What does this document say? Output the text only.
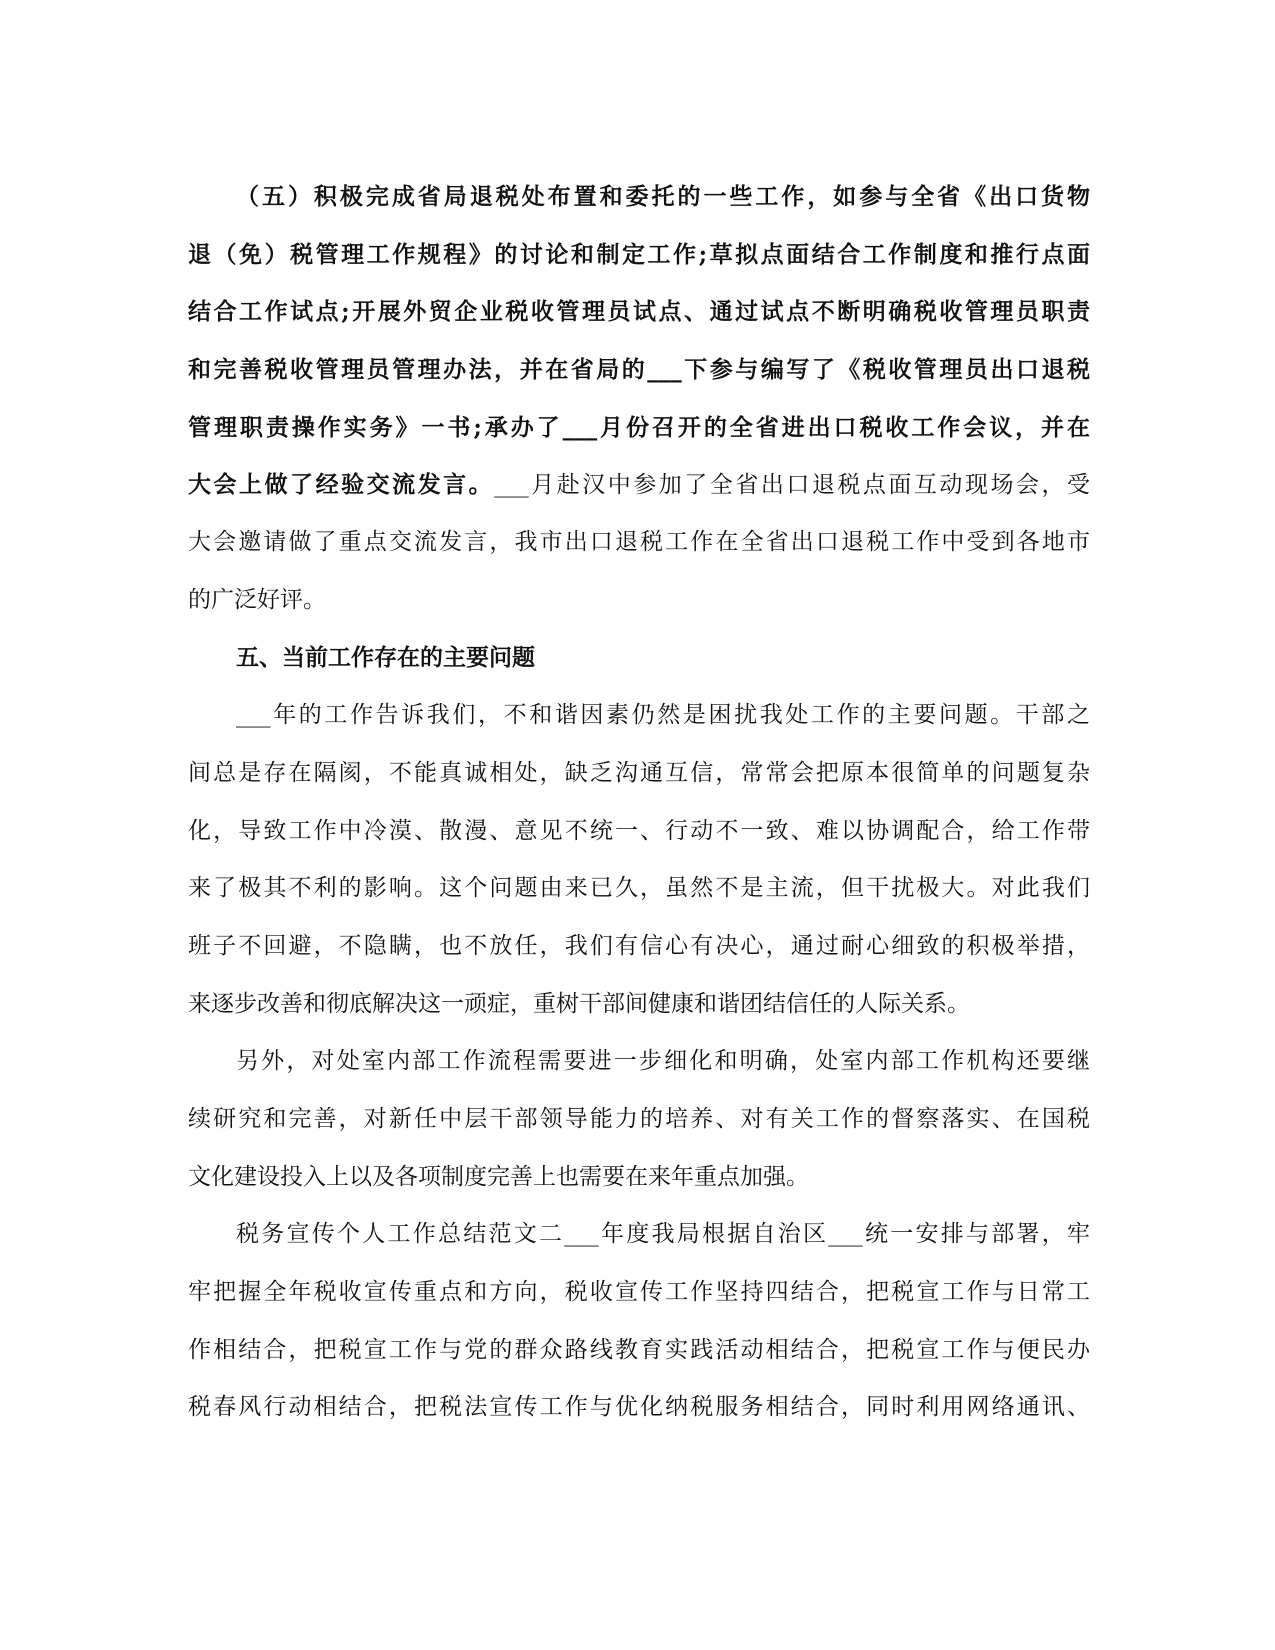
（五）积极完成省局退税处布置和委托的一些工作，如参与全省《出口货物
退（免）税管理工作规程》的讨论和制定工作;草拟点面结合工作制度和推行点面
结合工作试点;开展外贸企业税收管理员试点、通过试点不断明确税收管理员职责
和完善税收管理员管理办法，并在省局的___下参与编写了《税收管理员出口退税
管理职责操作实务》一书;承办了___月份召开的全省进出口税收工作会议，并在
大会上做了经验交流发言。___月赴汉中参加了全省出口退税点面互动现场会，受
大会邀请做了重点交流发言，我市出口退税工作在全省出口退税工作中受到各地市
的广泛好评。
五、当前工作存在的主要问题
___年的工作告诉我们，不和谐因素仍然是困扰我处工作的主要问题。干部之
间总是存在隔阂，不能真诚相处，缺乏沟通互信，常常会把原本很简单的问题复杂
化，导致工作中冷漠、散漫、意见不统一、行动不一致、难以协调配合，给工作带
来了极其不利的影响。这个问题由来已久，虽然不是主流，但干扰极大。对此我们
班子不回避，不隐瞒，也不放任，我们有信心有决心，通过耐心细致的积极举措，
来逐步改善和彻底解决这一顽症，重树干部间健康和谐团结信任的人际关系。
另外，对处室内部工作流程需要进一步细化和明确，处室内部工作机构还要继
续研究和完善，对新任中层干部领导能力的培养、对有关工作的督察落实、在国税
文化建设投入上以及各项制度完善上也需要在来年重点加强。
税务宣传个人工作总结范文二___年度我局根据自治区___统一安排与部署，牢
牢把握全年税收宣传重点和方向，税收宣传工作坚持四结合，把税宣工作与日常工
作相结合，把税宣工作与党的群众路线教育实践活动相结合，把税宣工作与便民办
税春风行动相结合，把税法宣传工作与优化纳税服务相结合，同时利用网络通讯、
